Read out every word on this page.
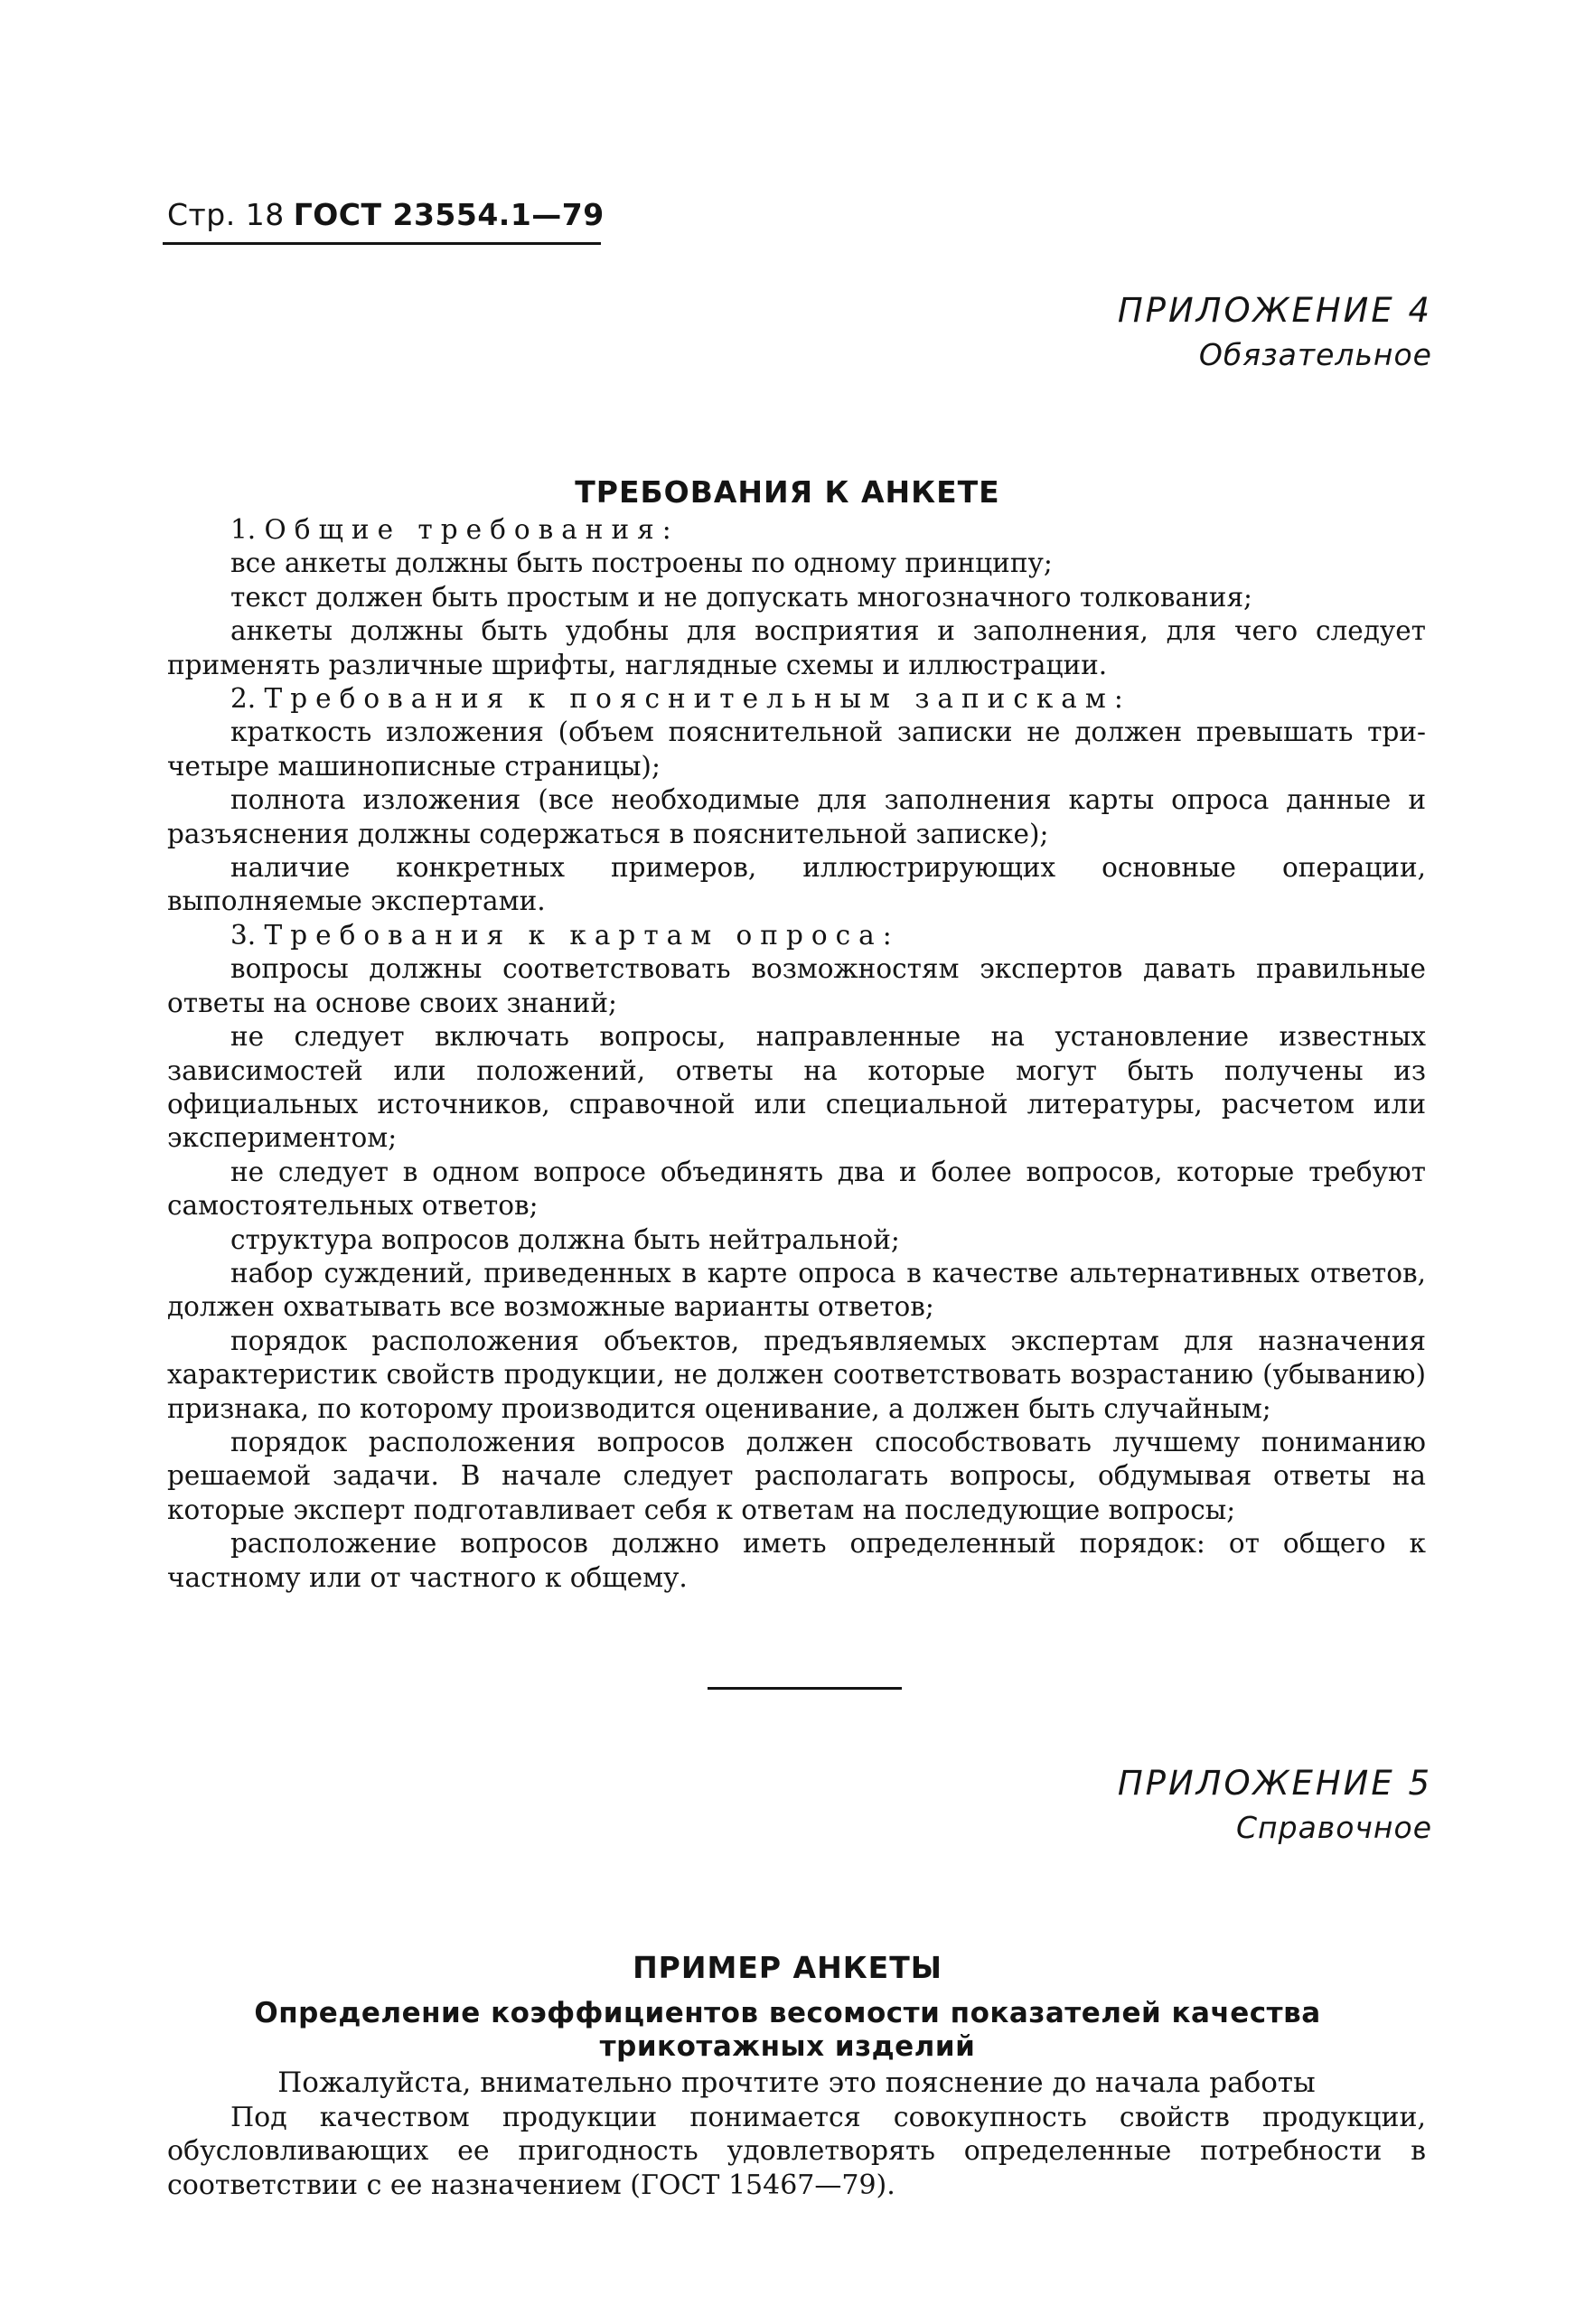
Стр. 18 ГОСТ 23554.1—79
ПРИЛОЖЕНИЕ 4
Обязательное
ТРЕБОВАНИЯ К АНКЕТЕ

1. Общие требования:

все анкеты должны быть построены по одному принципу;

текст должен быть простым и не допускать многозначного толкования;

анкеты должны быть удобны для восприятия и заполнения, для чего следует применять различные шрифты, наглядные схемы и иллюстрации.

2. Требования к пояснительным запискам:

краткость изложения (объем пояснительной записки не должен превышать три-четыре машинописные страницы);

полнота изложения (все необходимые для заполнения карты опроса данные и разъяснения должны содержаться в пояснительной записке);

наличие конкретных примеров, иллюстрирующих основные операции, выполняемые экспертами.

3. Требования к картам опроса:

вопросы должны соответствовать возможностям экспертов давать правильные ответы на основе своих знаний;

не следует включать вопросы, направленные на установление известных зависимостей или положений, ответы на которые могут быть получены из официальных источников, справочной или специальной литературы, расчетом или экспериментом;

не следует в одном вопросе объединять два и более вопросов, которые требуют самостоятельных ответов;

структура вопросов должна быть нейтральной;

набор суждений, приведенных в карте опроса в качестве альтернативных ответов, должен охватывать все возможные варианты ответов;

порядок расположения объектов, предъявляемых экспертам для назначения характеристик свойств продукции, не должен соответствовать возрастанию (убыванию) признака, по которому производится оценивание, а должен быть случайным;

порядок расположения вопросов должен способствовать лучшему пониманию решаемой задачи. В начале следует располагать вопросы, обдумывая ответы на которые эксперт подготавливает себя к ответам на последующие вопросы;

расположение вопросов должно иметь определенный порядок: от общего к частному или от частного к общему.

ПРИЛОЖЕНИЕ 5
Справочное
ПРИМЕР АНКЕТЫ
Определение коэффициентов весомости показателей качества
трикотажных изделий

Пожалуйста, внимательно прочтите это пояснение до начала работы

Под качеством продукции понимается совокупность свойств продукции, обусловливающих ее пригодность удовлетворять определенные потребности в соответствии с ее назначением (ГОСТ 15467—79).
